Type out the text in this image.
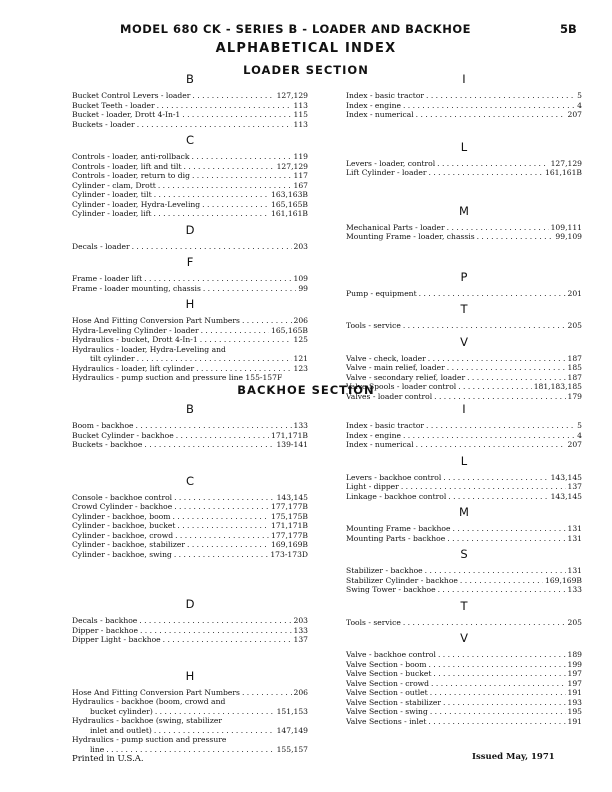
MODEL 680 CK - SERIES B - LOADER AND BACKHOE	5B
ALPHABETICAL INDEX
LOADER SECTION
B
Bucket Control Levers - loader . . .	127,129
Bucket Teeth - loader . . .	113
Bucket - loader, Drott 4-In-1 . . .	115
Buckets - loader . . .	113
C
Controls - loader, anti-rollback . . .	119
Controls - loader, lift and tilt . . .	127,129
Controls - loader, return to dig . . .	117
Cylinder - clam, Drott . . .	167
Cylinder - loader, tilt . . .	163,163B
Cylinder - loader, Hydra-Leveling . . .	165,165B
Cylinder - loader, lift . . .	161,161B
D
Decals - loader . . .	203
F
Frame - loader lift . . .	109
Frame - loader mounting, chassis . . .	99
H
Hose And Fitting Conversion Part Numbers . . .	206
Hydra-Leveling Cylinder - loader . . .	165,165B
Hydraulics - bucket, Drott 4-In-1 . . .	125
Hydraulics - loader, Hydra-Leveling and
tilt cylinder . . .	121
Hydraulics - loader, lift cylinder . . .	123
Hydraulics - pump suction and pressure line 155-157F
I
Index - basic tractor . . .	5
Index - engine . . .	4
Index - numerical . . .	207
L
Levers - loader, control . . .	127,129
Lift Cylinder - loader . . .	161,161B
M
Mechanical Parts - loader . . .	109,111
Mounting Frame - loader, chassis . . .	99,109
P
Pump - equipment . . .	201
T
Tools - service . . .	205
V
Valve - check, loader . . .	187
Valve - main relief, loader . . .	185
Valve - secondary relief, loader . . .	187
Valve Spools - loader control . . .	181,183,185
Valves - loader control . . .	179
BACKHOE SECTION
B
Boom - backhoe . . .	133
Bucket Cylinder - backhoe . . .	171,171B
Buckets - backhoe . . .	139-141
C
Console - backhoe control . . .	143,145
Crowd Cylinder - backhoe . . .	177,177B
Cylinder - backhoe, boom . . .	175,175B
Cylinder - backhoe, bucket . . .	171,171B
Cylinder - backhoe, crowd . . .	177,177B
Cylinder - backhoe, stabilizer . . .	169,169B
Cylinder - backhoe, swing . . .	173-173D
D
Decals - backhoe . . .	203
Dipper - backhoe . . .	133
Dipper Light - backhoe . . .	137
H
Hose And Fitting Conversion Part Numbers . . .	206
Hydraulics - backhoe (boom, crowd and
bucket cylinder) . . .	151,153
Hydraulics - backhoe (swing, stabilizer
inlet and outlet) . . .	147,149
Hydraulics - pump suction and pressure
line . . .	155,157
I
Index - basic tractor . . .	5
Index - engine . . .	4
Index - numerical . . .	207
L
Levers - backhoe control . . .	143,145
Light - dipper . . .	137
Linkage - backhoe control . . .	143,145
M
Mounting Frame - backhoe . . .	131
Mounting Parts - backhoe . . .	131
S
Stabilizer - backhoe . . .	131
Stabilizer Cylinder - backhoe . . .	169,169B
Swing Tower - backhoe . . .	133
T
Tools - service . . .	205
V
Valve - backhoe control . . .	189
Valve Section - boom . . .	199
Valve Section - bucket . . .	197
Valve Section - crowd . . .	197
Valve Section - outlet . . .	191
Valve Section - stabilizer . . .	193
Valve Section - swing . . .	195
Valve Sections - inlet . . .	191
Printed in U.S.A.	Issued May, 1971
